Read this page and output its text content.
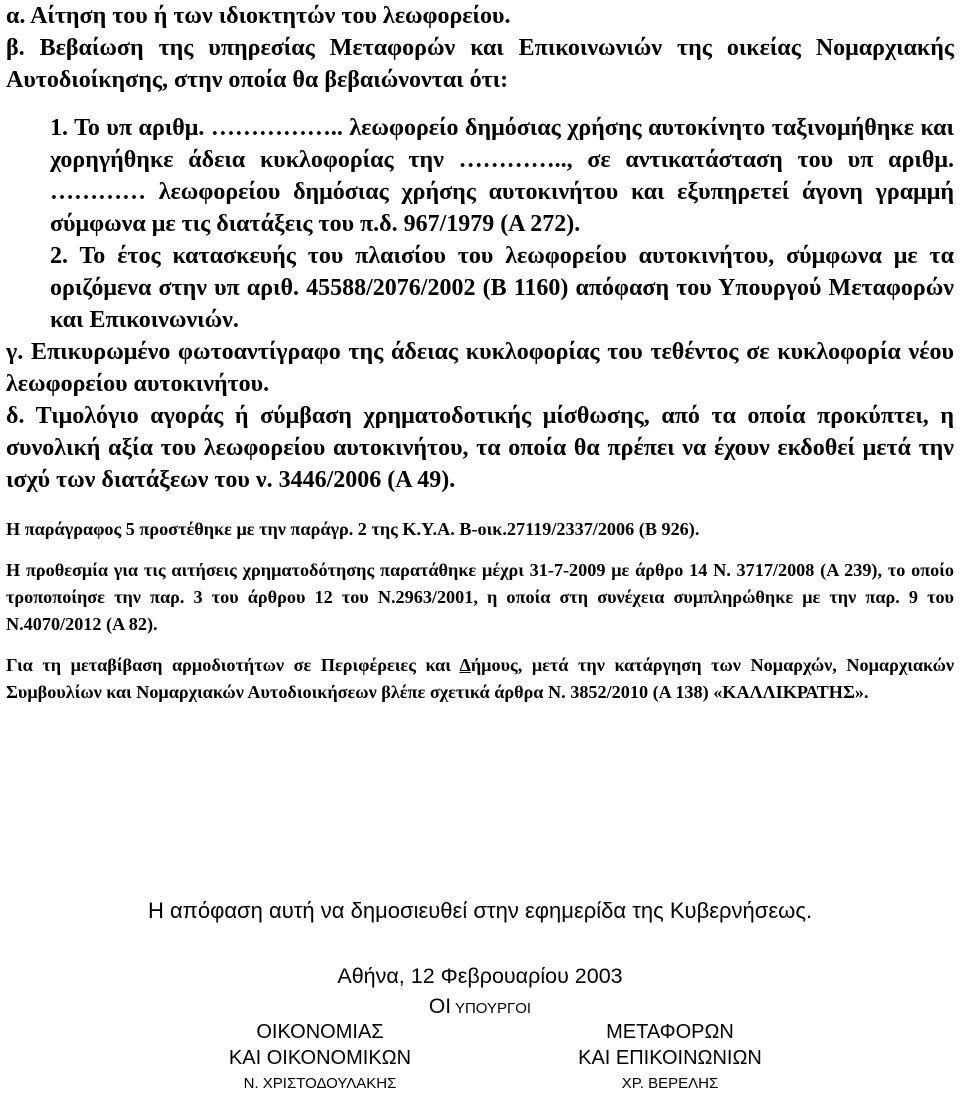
α. Αίτηση του ή των ιδιοκτητών του λεωφορείου.

β. Βεβαίωση της υπηρεσίας Μεταφορών και Επικοινωνιών της οικείας Νομαρχιακής Αυτοδιοίκησης, στην οποία θα βεβαιώνονται ότι:

1. Το υπ αριθμ. …………….. λεωφορείο δημόσιας χρήσης αυτοκίνητο ταξινομήθηκε και χορηγήθηκε άδεια κυκλοφορίας την ………….., σε αντικατάσταση του υπ αριθμ. ………… λεωφορείου δημόσιας χρήσης αυτοκινήτου και εξυπηρετεί άγονη γραμμή σύμφωνα με τις διατάξεις του π.δ. 967/1979 (Α 272).

2. Το έτος κατασκευής του πλαισίου του λεωφορείου αυτοκινήτου, σύμφωνα με τα οριζόμενα στην υπ αριθ. 45588/2076/2002 (Β 1160) απόφαση του Υπουργού Μεταφορών και Επικοινωνιών.

γ. Επικυρωμένο φωτοαντίγραφο της άδειας κυκλοφορίας του τεθέντος σε κυκλοφορία νέου λεωφορείου αυτοκινήτου.

δ. Τιμολόγιο αγοράς ή σύμβαση χρηματοδοτικής μίσθωσης, από τα οποία προκύπτει, η συνολική αξία του λεωφορείου αυτοκινήτου, τα οποία θα πρέπει να έχουν εκδοθεί μετά την ισχύ των διατάξεων του ν. 3446/2006 (Α 49).

Η παράγραφος 5 προστέθηκε με την παράγρ. 2 της Κ.Υ.Α. Β-οικ.27119/2337/2006 (Β 926).

Η προθεσμία για τις αιτήσεις χρηματοδότησης παρατάθηκε μέχρι 31-7-2009 με άρθρο 14 Ν. 3717/2008 (Α 239), το οποίο τροποποίησε την παρ. 3 του άρθρου 12 του Ν.2963/2001, η οποία στη συνέχεια συμπληρώθηκε με την παρ. 9 του Ν.4070/2012 (Α 82).

Για τη μεταβίβαση αρμοδιοτήτων σε Περιφέρειες και Δήμους, μετά την κατάργηση των Νομαρχών, Νομαρχιακών Συμβουλίων και Νομαρχιακών Αυτοδιοικήσεων βλέπε σχετικά άρθρα Ν. 3852/2010 (Α 138) «ΚΑΛΛΙΚΡΑΤΗΣ».

Η απόφαση αυτή να δημοσιευθεί στην εφημερίδα της Κυβερνήσεως.
Αθήνα, 12 Φεβρουαρίου 2003
ΟΙ ΥΠΟΥΡΓΟΙ
ΟΙΚΟΝΟΜΙΑΣ
ΚΑΙ ΟΙΚΟΝΟΜΙΚΩΝ
Ν. ΧΡΙΣΤΟΔΟΥΛΑΚΗΣ
ΜΕΤΑΦΟΡΩΝ
ΚΑΙ ΕΠΙΚΟΙΝΩΝΙΩΝ
ΧΡ. ΒΕΡΕΛΗΣ
